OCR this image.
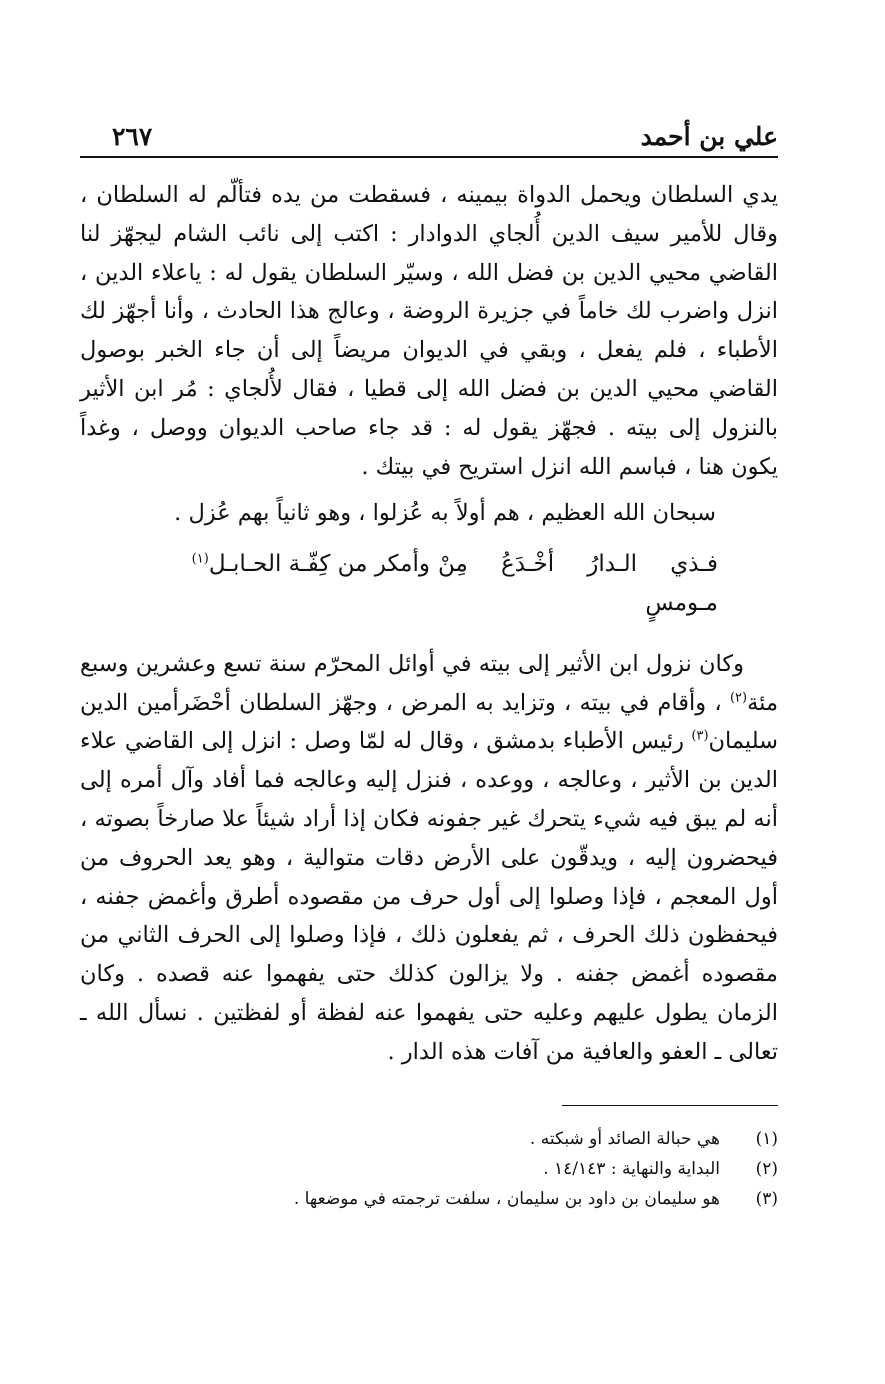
علي بن أحمد
٢٦٧

يدي السلطان ويحمل الدواة بيمينه ، فسقطت من يده فتألّم له السلطان ، وقال للأمير سيف الدين أُلجاي الدوادار : اكتب إلى نائب الشام ليجهّز لنا القاضي محيي الدين بن فضل الله ، وسيّر السلطان يقول له : ياعلاء الدين ، انزل واضرب لك خاماً في جزيرة الروضة ، وعالج هذا الحادث ، وأنا أجهّز لك الأطباء ، فلم يفعل ، وبقي في الديوان مريضاً إلى أن جاء الخبر بوصول القاضي محيي الدين بن فضل الله إلى قطيا ، فقال لأُلجاي : مُر ابن الأثير بالنزول إلى بيته . فجهّز يقول له : قد جاء صاحب الديوان ووصل ، وغداً يكون هنا ، فباسم الله انزل استريح في بيتك .

سبحان الله العظيم ، هم أولاً به عُزلوا ، وهو ثانياً بهم عُزل .

فـذي الـدارُ أخْـدَعُ مِنْ مـومسٍ
وأمكر من كِفّـة الحـابـل$^{(١)}$

وكان نزول ابن الأثير إلى بيته في أوائل المحرّم سنة تسع وعشرين وسبع مئة$^{(٢)}$ ، وأقام في بيته ، وتزايد به المرض ، وجهّز السلطان أحْضَرأمين الدين سليمان$^{(٣)}$ رئيس الأطباء بدمشق ، وقال له لمّا وصل : انزل إلى القاضي علاء الدين بن الأثير ، وعالجه ، ووعده ، فنزل إليه وعالجه فما أفاد وآل أمره إلى أنه لم يبق فيه شيء يتحرك غير جفونه فكان إذا أراد شيئاً علا صارخاً بصوته ، فيحضرون إليه ، ويدقّون على الأرض دقات متوالية ، وهو يعد الحروف من أول المعجم ، فإذا وصلوا إلى أول حرف من مقصوده أطرق وأغمض جفنه ، فيحفظون ذلك الحرف ، ثم يفعلون ذلك ، فإذا وصلوا إلى الحرف الثاني من مقصوده أغمض جفنه . ولا يزالون كذلك حتى يفهموا عنه قصده . وكان الزمان يطول عليهم وعليه حتى يفهموا عنه لفظة أو لفظتين . نسأل الله ـ تعالى ـ العفو والعافية من آفات هذه الدار .

(١)
هي حبالة الصائد أو شبكته .
(٢)
البداية والنهاية : ١٤/١٤٣ .
(٣)
هو سليمان بن داود بن سليمان ، سلفت ترجمته في موضعها .
